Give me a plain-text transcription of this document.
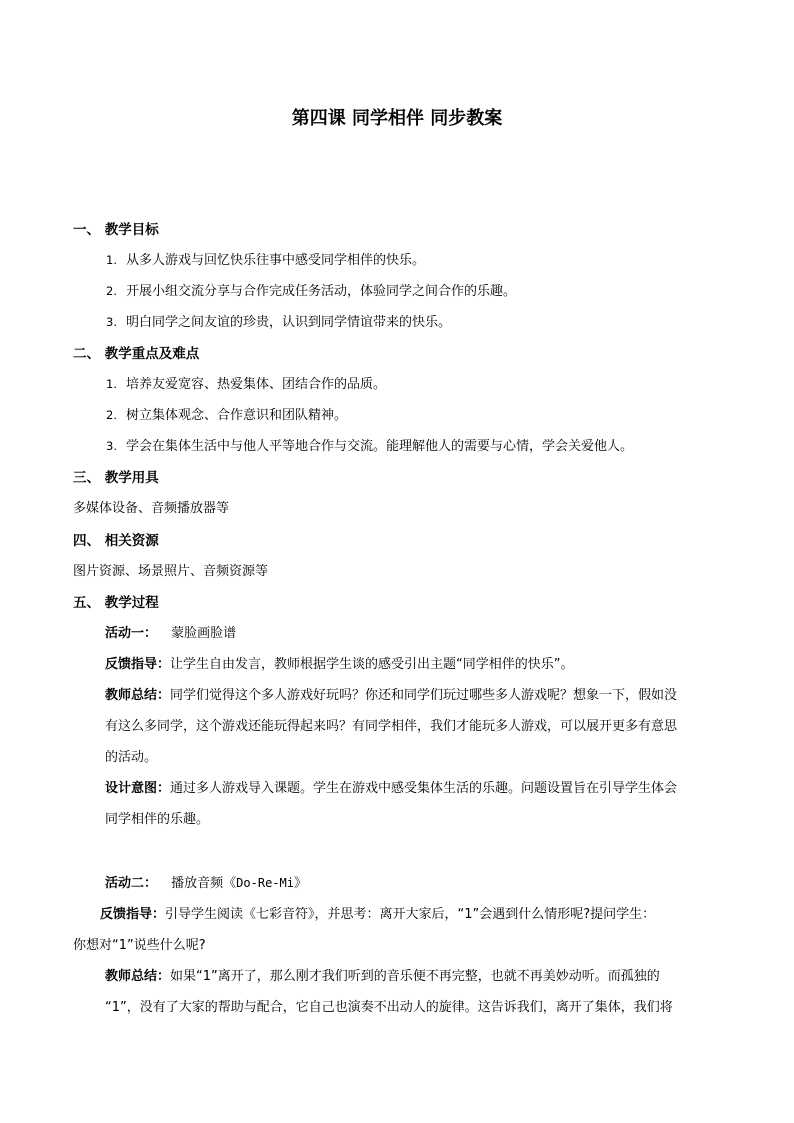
第四课 同学相伴 同步教案
一、 教学目标
1. 从多人游戏与回忆快乐往事中感受同学相伴的快乐。
2. 开展小组交流分享与合作完成任务活动，体验同学之间合作的乐趣。
3. 明白同学之间友谊的珍贵，认识到同学情谊带来的快乐。
二、 教学重点及难点
1. 培养友爱宽容、热爱集体、团结合作的品质。
2. 树立集体观念、合作意识和团队精神。
3. 学会在集体生活中与他人平等地合作与交流。能理解他人的需要与心情，学会关爱他人。
三、 教学用具
多媒体设备、音频播放器等
四、 相关资源
图片资源、场景照片、音频资源等
五、 教学过程
活动一： 蒙脸画脸谱
反馈指导：让学生自由发言，教师根据学生谈的感受引出主题“同学相伴的快乐”。
教师总结：同学们觉得这个多人游戏好玩吗？你还和同学们玩过哪些多人游戏呢？想象一下，假如没
有这么多同学，这个游戏还能玩得起来吗？有同学相伴，我们才能玩多人游戏，可以展开更多有意思
的活动。
设计意图：通过多人游戏导入课题。学生在游戏中感受集体生活的乐趣。问题设置旨在引导学生体会
同学相伴的乐趣。
活动二： 播放音频《Do-Re-Mi》
反馈指导：引导学生阅读《七彩音符》，并思考：离开大家后，“1”会遇到什么情形呢?提问学生：
你想对“1”说些什么呢?
教师总结：如果“1”离开了，那么刚才我们听到的音乐便不再完整，也就不再美妙动听。而孤独的
“1”，没有了大家的帮助与配合，它自己也演奏不出动人的旋律。这告诉我们，离开了集体，我们将
